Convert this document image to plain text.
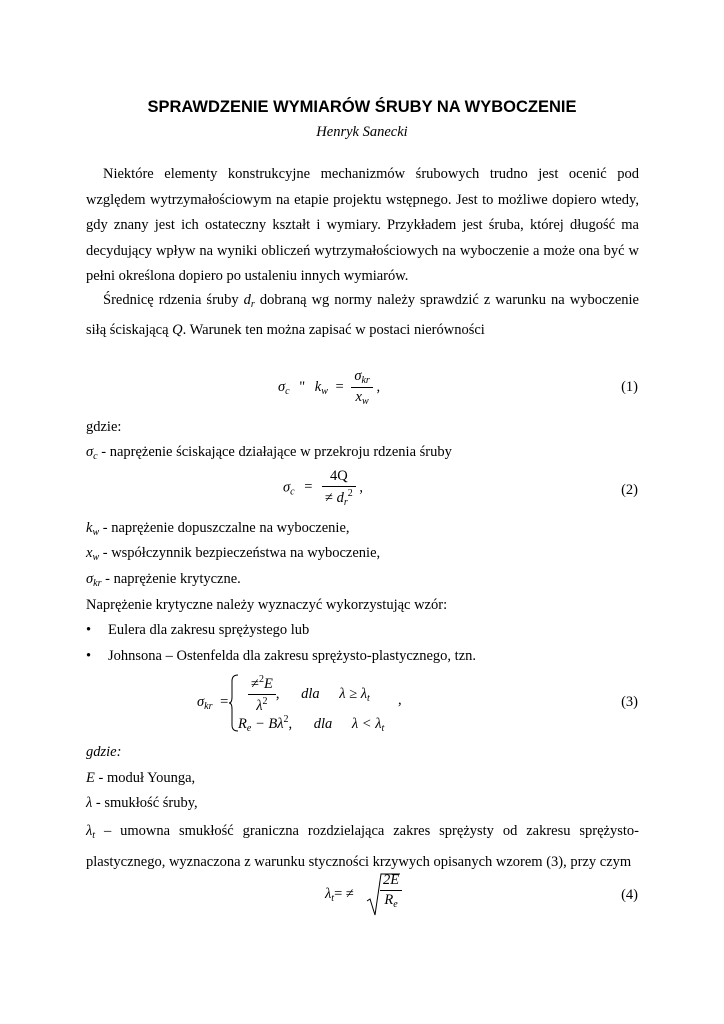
SPRAWDZENIE WYMIARÓW ŚRUBY NA WYBOCZENIE
Henryk Sanecki

Niektóre elementy konstrukcyjne mechanizmów śrubowych trudno jest ocenić pod względem wytrzymałościowym na etapie projektu wstępnego. Jest to możliwe dopiero wtedy, gdy znany jest ich ostateczny kształt i wymiary. Przykładem jest śruba, której długość ma decydujący wpływ na wyniki obliczeń wytrzymałościowych na wyboczenie a może ona być w pełni określona dopiero po ustaleniu innych wymiarów.

Średnicę rdzenia śruby $d_r$ dobraną wg normy należy sprawdzić z warunku na wyboczenie siłą ściskającą Q. Warunek ten można zapisać w postaci nierówności

$\sigma_c$ " $k_w = \frac{\sigma_{kr}}{x_w}$ ,	(1)
gdzie:
$\sigma_c$ - naprężenie ściskające działające w przekroju rdzenia śruby
$\sigma_c = \frac{4Q}{\ne d_r^2}$ ,	(2)
$k_w$ - naprężenie dopuszczalne na wyboczenie,
$x_w$ - współczynnik bezpieczeństwa na wyboczenie,
$\sigma_{kr}$ - naprężenie krytyczne.
Naprężenie krytyczne należy wyznaczyć wykorzystując wzór:
• Eulera dla zakresu sprężystego lub
• Johnsona – Ostenfelda dla zakresu sprężysto-plastycznego, tzn.
$\sigma_{kr} = \frac{\ne^2E}{\lambda^2}$ , dla $\lambda \ge \lambda_t$
$R_e - B\lambda^2$, dla $\lambda < \lambda_t$
,	(3)
gdzie:
E - moduł Younga,
λ - smukłość śruby,

$\lambda_t$ – umowna smukłość graniczna rozdzielająca zakres sprężysty od zakresu sprężysto-plastycznego, wyznaczona z warunku styczności krzywych opisanych wzorem (3), przy czym

$\lambda_t= \ne \frac{2E}{R_e}$	(4)
